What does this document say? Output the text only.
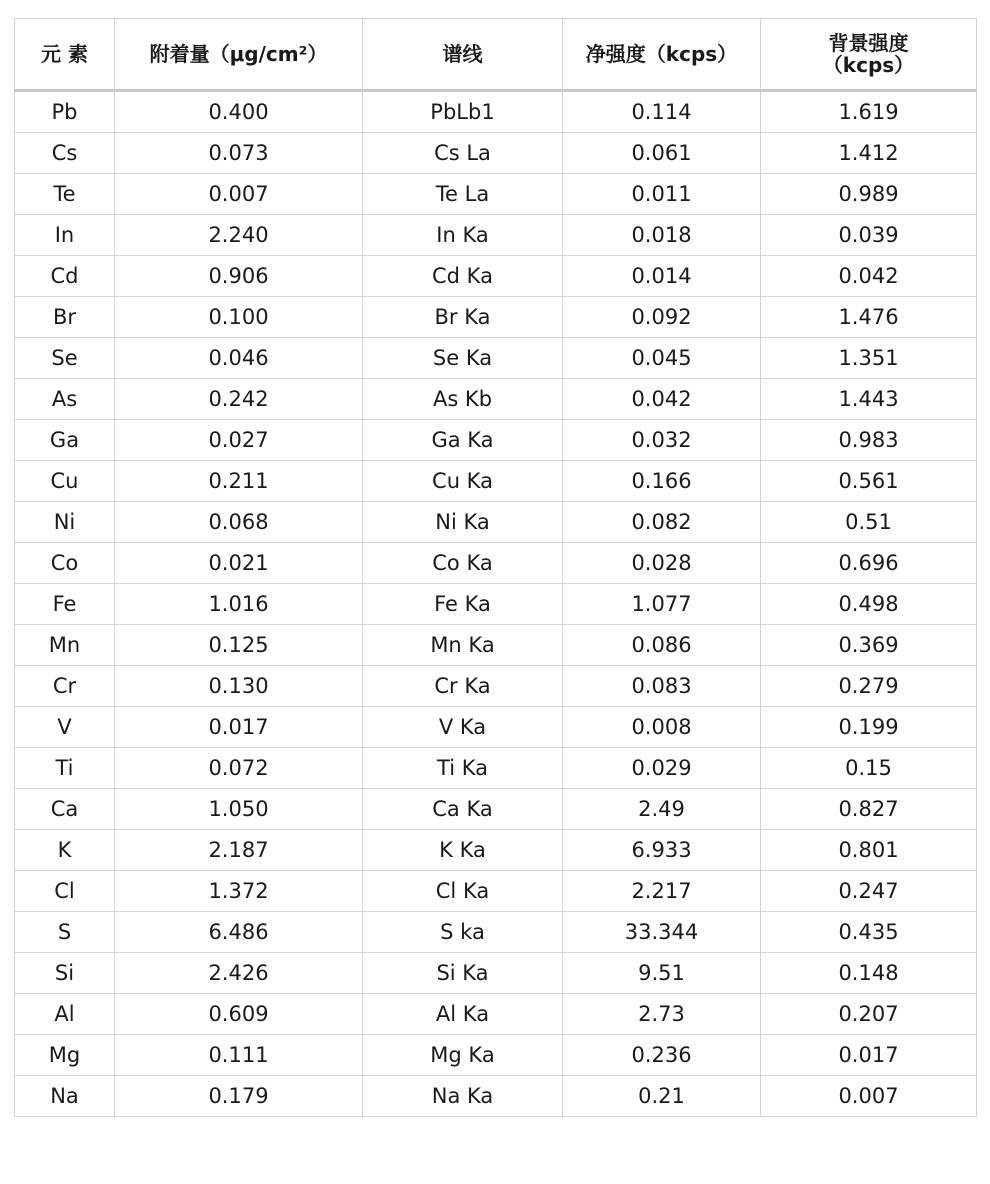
元 素	附着量（μg/cm²）	谱线	净强度（kcps）	背景强度
（kcps）

Pb	0.400	PbLb1	0.114	1.619
Cs	0.073	Cs La	0.061	1.412
Te	0.007	Te La	0.011	0.989
In	2.240	In Ka	0.018	0.039
Cd	0.906	Cd Ka	0.014	0.042
Br	0.100	Br Ka	0.092	1.476
Se	0.046	Se Ka	0.045	1.351
As	0.242	As Kb	0.042	1.443
Ga	0.027	Ga Ka	0.032	0.983
Cu	0.211	Cu Ka	0.166	0.561
Ni	0.068	Ni Ka	0.082	0.51
Co	0.021	Co Ka	0.028	0.696
Fe	1.016	Fe Ka	1.077	0.498
Mn	0.125	Mn Ka	0.086	0.369
Cr	0.130	Cr Ka	0.083	0.279
V	0.017	V Ka	0.008	0.199
Ti	0.072	Ti Ka	0.029	0.15
Ca	1.050	Ca Ka	2.49	0.827
K	2.187	K Ka	6.933	0.801
Cl	1.372	Cl Ka	2.217	0.247
S	6.486	S ka	33.344	0.435
Si	2.426	Si Ka	9.51	0.148
Al	0.609	Al Ka	2.73	0.207
Mg	0.111	Mg Ka	0.236	0.017
Na	0.179	Na Ka	0.21	0.007
